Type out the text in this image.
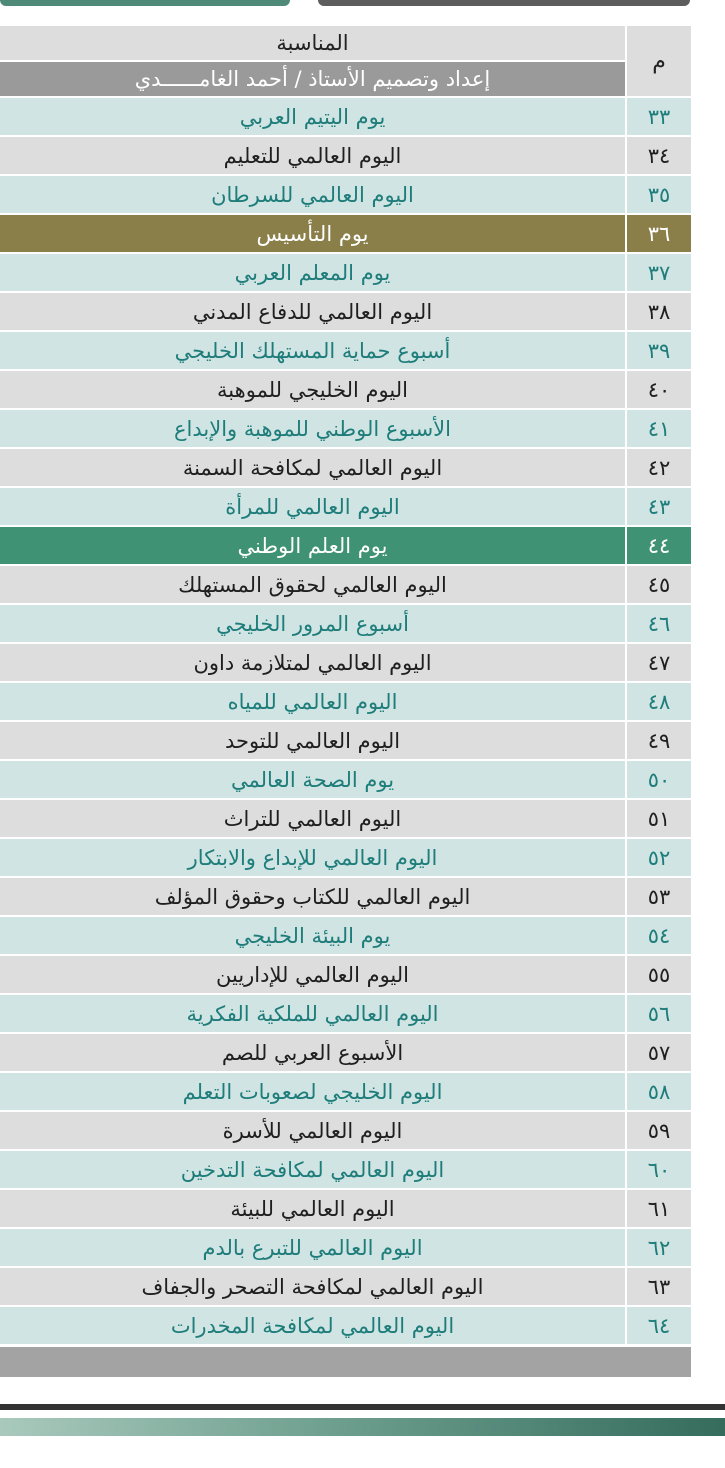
م
المناسبة
إعداد وتصميم الأستاذ / أحمد الغامــــــدي
٣٣
يوم اليتيم العربي
٣٤
اليوم العالمي للتعليم
٣٥
اليوم العالمي للسرطان
٣٦
يوم التأسيس
٣٧
يوم المعلم العربي
٣٨
اليوم العالمي للدفاع المدني
٣٩
أسبوع حماية المستهلك الخليجي
٤٠
اليوم الخليجي للموهبة
٤١
الأسبوع الوطني للموهبة والإبداع
٤٢
اليوم العالمي لمكافحة السمنة
٤٣
اليوم العالمي للمرأة
٤٤
يوم العلم الوطني
٤٥
اليوم العالمي لحقوق المستهلك
٤٦
أسبوع المرور الخليجي
٤٧
اليوم العالمي لمتلازمة داون
٤٨
اليوم العالمي للمياه
٤٩
اليوم العالمي للتوحد
٥٠
يوم الصحة العالمي
٥١
اليوم العالمي للتراث
٥٢
اليوم العالمي للإبداع والابتكار
٥٣
اليوم العالمي للكتاب وحقوق المؤلف
٥٤
يوم البيئة الخليجي
٥٥
اليوم العالمي للإداريين
٥٦
اليوم العالمي للملكية الفكرية
٥٧
الأسبوع العربي للصم
٥٨
اليوم الخليجي لصعوبات التعلم
٥٩
اليوم العالمي للأسرة
٦٠
اليوم العالمي لمكافحة التدخين
٦١
اليوم العالمي للبيئة
٦٢
اليوم العالمي للتبرع بالدم
٦٣
اليوم العالمي لمكافحة التصحر والجفاف
٦٤
اليوم العالمي لمكافحة المخدرات
